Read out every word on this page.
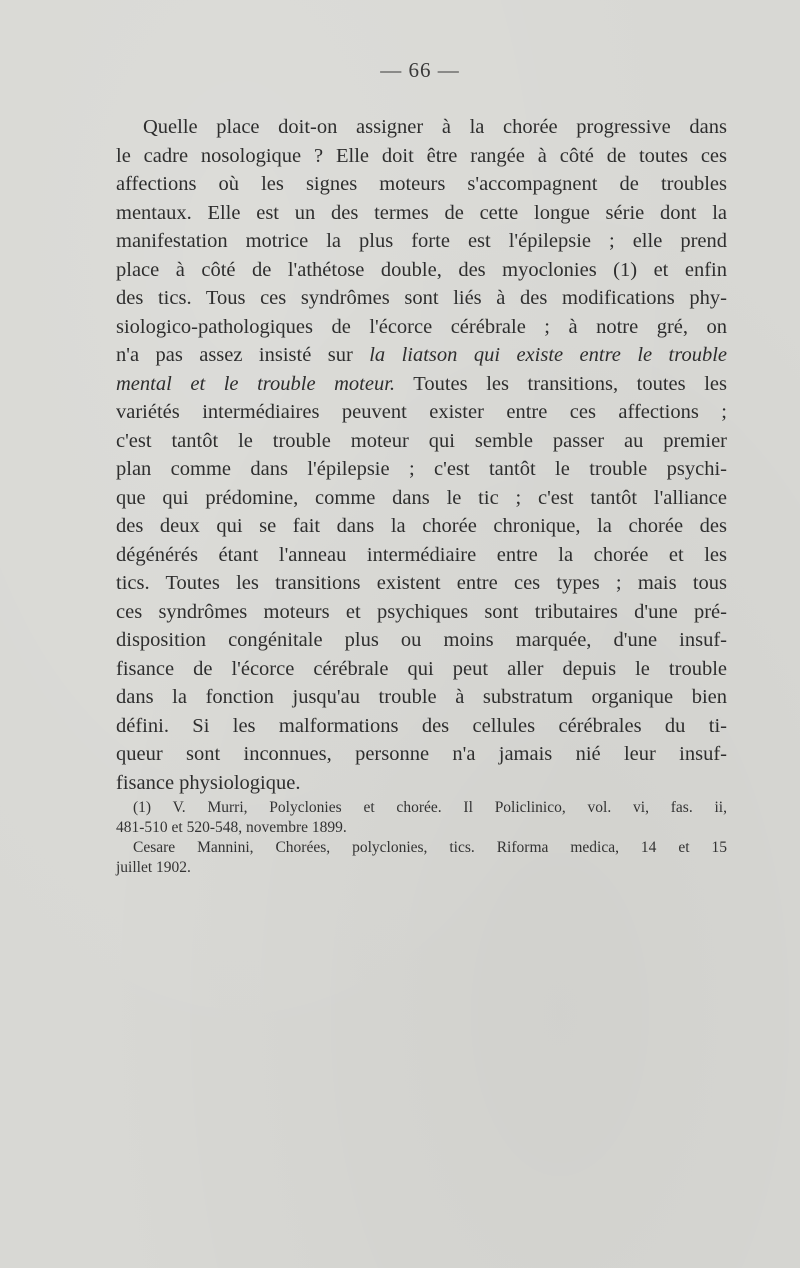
— 66 —
Quelle place doit-on assigner à la chorée progressive dans
le cadre nosologique ? Elle doit être rangée à côté de toutes ces
affections où les signes moteurs s'accompagnent de troubles
mentaux. Elle est un des termes de cette longue série dont la
manifestation motrice la plus forte est l'épilepsie ; elle prend
place à côté de l'athétose double, des myoclonies (1) et enfin
des tics. Tous ces syndrômes sont liés à des modifications phy-
siologico-pathologiques de l'écorce cérébrale ; à notre gré, on
n'a pas assez insisté sur la liatson qui existe entre le trouble
mental et le trouble moteur. Toutes les transitions, toutes les
variétés intermédiaires peuvent exister entre ces affections ;
c'est tantôt le trouble moteur qui semble passer au premier
plan comme dans l'épilepsie ; c'est tantôt le trouble psychi-
que qui prédomine, comme dans le tic ; c'est tantôt l'alliance
des deux qui se fait dans la chorée chronique, la chorée des
dégénérés étant l'anneau intermédiaire entre la chorée et les
tics. Toutes les transitions existent entre ces types ; mais tous
ces syndrômes moteurs et psychiques sont tributaires d'une pré-
disposition congénitale plus ou moins marquée, d'une insuf-
fisance de l'écorce cérébrale qui peut aller depuis le trouble
dans la fonction jusqu'au trouble à substratum organique bien
défini. Si les malformations des cellules cérébrales du ti-
queur sont inconnues, personne n'a jamais nié leur insuf-
fisance physiologique.
(1) V. Murri, Polyclonies et chorée. Il Policlinico, vol. vi, fas. ii,
481-510 et 520-548, novembre 1899.
Cesare Mannini, Chorées, polyclonies, tics. Riforma medica, 14 et 15
juillet 1902.
